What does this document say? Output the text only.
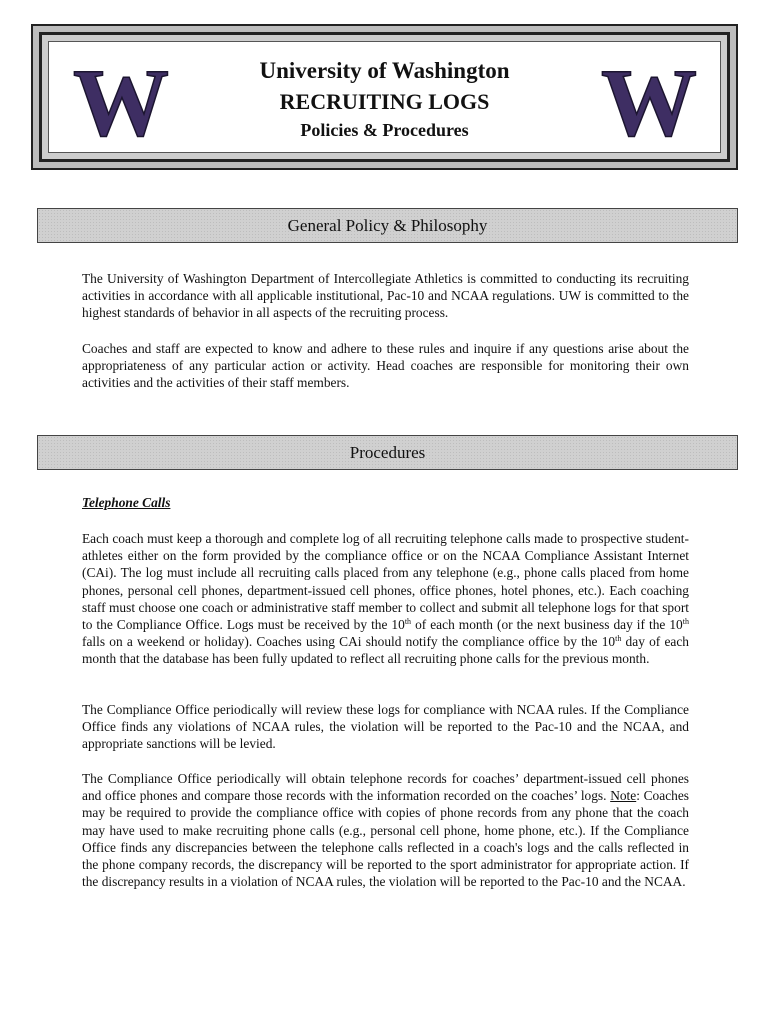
W	University of Washington

RECRUITING LOGS

Policies & Procedures	W
General Policy & Philosophy

The University of Washington Department of Intercollegiate Athletics is committed to conducting its recruiting activities in accordance with all applicable institutional, Pac-10 and NCAA regulations. UW is committed to the highest standards of behavior in all aspects of the recruiting process.

Coaches and staff are expected to know and adhere to these rules and inquire if any questions arise about the appropriateness of any particular action or activity. Head coaches are responsible for monitoring their own activities and the activities of their staff members.

Procedures

Telephone Calls

Each coach must keep a thorough and complete log of all recruiting telephone calls made to prospective student-athletes either on the form provided by the compliance office or on the NCAA Compliance Assistant Internet (CAi). The log must include all recruiting calls placed from any telephone (e.g., phone calls placed from home phones, personal cell phones, department-issued cell phones, office phones, hotel phones, etc.). Each coaching staff must choose one coach or administrative staff member to collect and submit all telephone logs for that sport to the Compliance Office. Logs must be received by the 10th of each month (or the next business day if the 10th falls on a weekend or holiday). Coaches using CAi should notify the compliance office by the 10th day of each month that the database has been fully updated to reflect all recruiting phone calls for the previous month.

The Compliance Office periodically will review these logs for compliance with NCAA rules. If the Compliance Office finds any violations of NCAA rules, the violation will be reported to the Pac-10 and the NCAA, and appropriate sanctions will be levied.

The Compliance Office periodically will obtain telephone records for coaches’ department-issued cell phones and office phones and compare those records with the information recorded on the coaches’ logs. Note: Coaches may be required to provide the compliance office with copies of phone records from any phone that the coach may have used to make recruiting phone calls (e.g., personal cell phone, home phone, etc.). If the Compliance Office finds any discrepancies between the telephone calls reflected in a coach's logs and the calls reflected in the phone company records, the discrepancy will be reported to the sport administrator for appropriate action. If the discrepancy results in a violation of NCAA rules, the violation will be reported to the Pac-10 and the NCAA.
